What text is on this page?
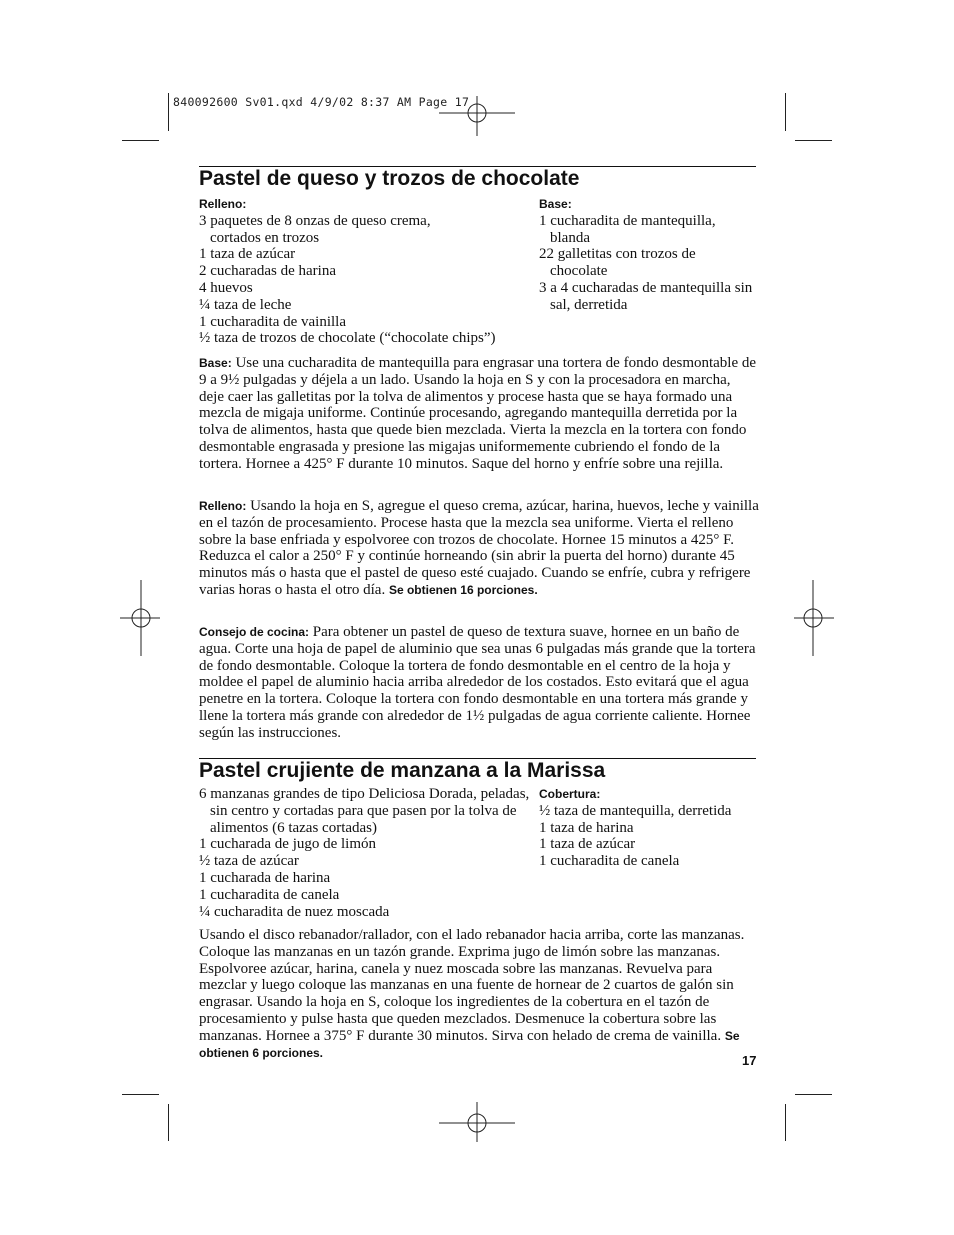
840092600 Sv01.qxd 4/9/02 8:37 AM Page 17
Pastel de queso y trozos de chocolate
Relleno:
3 paquetes de 8 onzas de queso crema, cortados en trozos
1 taza de azúcar
2 cucharadas de harina
4 huevos
¼ taza de leche
1 cucharadita de vainilla
½ taza de trozos de chocolate (“chocolate chips”)
Base:
1 cucharadita de mantequilla, blanda
22 galletitas con trozos de chocolate
3 a 4 cucharadas de mantequilla sin sal, derretida
Base: Use una cucharadita de mantequilla para engrasar una tortera de fondo desmontable de 9 a 9½ pulgadas y déjela a un lado. Usando la hoja en S y con la procesadora en marcha, deje caer las galletitas por la tolva de alimentos y procese hasta que se haya formado una mezcla de migaja uniforme. Continúe procesando, agregando mantequilla derretida por la tolva de alimentos, hasta que quede bien mezclada. Vierta la mezcla en la tortera con fondo desmontable engrasada y presione las migajas uniformemente cubriendo el fondo de la tortera. Hornee a 425° F durante 10 minutos. Saque del horno y enfríe sobre una rejilla.
Relleno: Usando la hoja en S, agregue el queso crema, azúcar, harina, huevos, leche y vainilla en el tazón de procesamiento. Procese hasta que la mezcla sea uniforme. Vierta el relleno sobre la base enfriada y espolvoree con trozos de chocolate. Hornee 15 minutos a 425° F. Reduzca el calor a 250° F y continúe horneando (sin abrir la puerta del horno) durante 45 minutos más o hasta que el pastel de queso esté cuajado. Cuando se enfríe, cubra y refrigere varias horas o hasta el otro día. Se obtienen 16 porciones.
Consejo de cocina: Para obtener un pastel de queso de textura suave, hornee en un baño de agua. Corte una hoja de papel de aluminio que sea unas 6 pulgadas más grande que la tortera de fondo desmontable. Coloque la tortera de fondo desmontable en el centro de la hoja y moldee el papel de aluminio hacia arriba alrededor de los costados. Esto evitará que el agua penetre en la tortera. Coloque la tortera con fondo desmontable en una tortera más grande y llene la tortera más grande con alrededor de 1½ pulgadas de agua corriente caliente. Hornee según las instrucciones.
Pastel crujiente de manzana a la Marissa
6 manzanas grandes de tipo Deliciosa Dorada, peladas, sin centro y cortadas para que pasen por la tolva de alimentos (6 tazas cortadas)
1 cucharada de jugo de limón
½ taza de azúcar
1 cucharada de harina
1 cucharadita de canela
¼ cucharadita de nuez moscada
Cobertura:
½ taza de mantequilla, derretida
1 taza de harina
1 taza de azúcar
1 cucharadita de canela
Usando el disco rebanador/rallador, con el lado rebanador hacia arriba, corte las manzanas. Coloque las manzanas en un tazón grande. Exprima jugo de limón sobre las manzanas. Espolvoree azúcar, harina, canela y nuez moscada sobre las manzanas. Revuelva para mezclar y luego coloque las manzanas en una fuente de hornear de 2 cuartos de galón sin engrasar. Usando la hoja en S, coloque los ingredientes de la cobertura en el tazón de procesamiento y pulse hasta que queden mezclados. Desmenuce la cobertura sobre las manzanas. Hornee a 375° F durante 30 minutos. Sirva con helado de crema de vainilla. Se obtienen 6 porciones.
17
